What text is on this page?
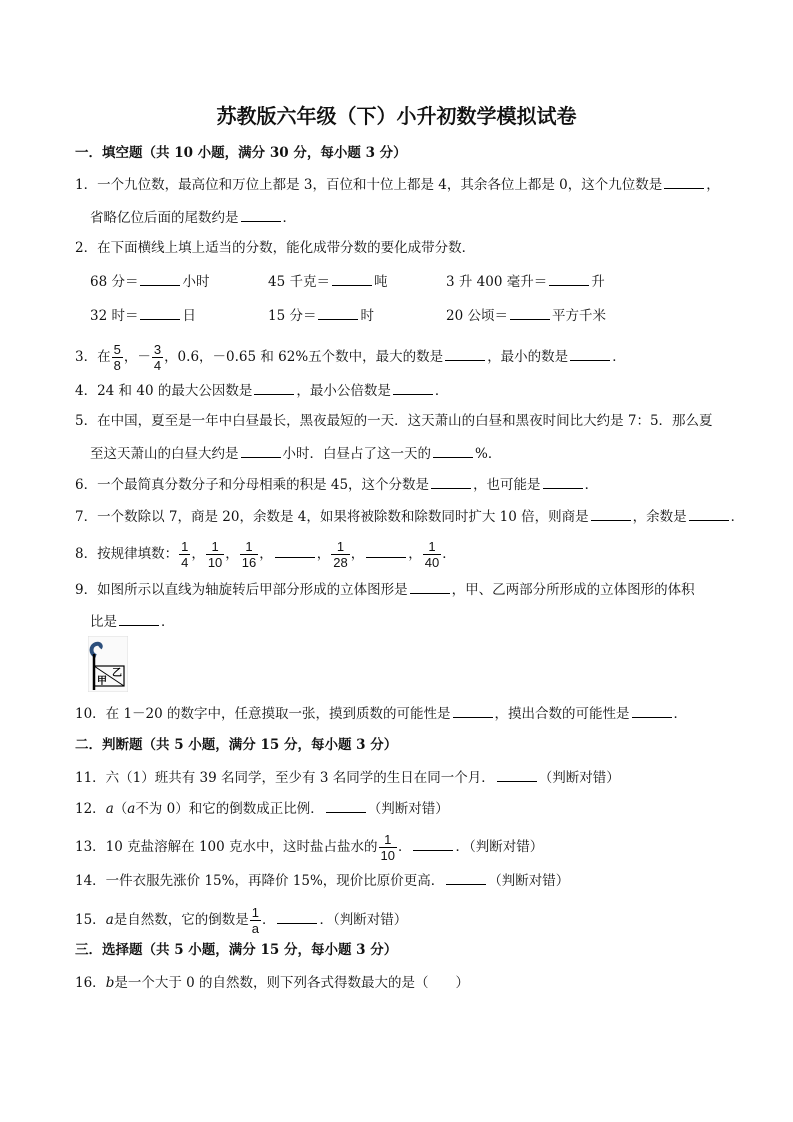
苏教版六年级（下）小升初数学模拟试卷
一．填空题（共 10 小题，满分 30 分，每小题 3 分）
1．一个九位数，最高位和万位上都是 3，百位和十位上都是 4，其余各位上都是 0，这个九位数是	，
省略亿位后面的尾数约是	．
2．在下面横线上填上适当的分数，能化成带分数的要化成带分数．
68 分＝	小时	45 千克＝	吨	3 升 400 毫升＝	升
32 时＝	日	15 分＝	时	20 公顷＝	平方千米
3．在 $\frac{5}{8}$ ，－ $\frac{3}{4}$ ，0.6，－0.65 和 62%五个数中，最大的数是	，最小的数是	．
4．24 和 40 的最大公因数是	，最小公倍数是	．
5．在中国，夏至是一年中白昼最长，黑夜最短的一天．这天萧山的白昼和黑夜时间比大约是 7：5．那么夏
至这天萧山的白昼大约是	小时．白昼占了这一天的	%．
6．一个最简真分数分子和分母相乘的积是 45，这个分数是	，也可能是	．
7．一个数除以 7，商是 20，余数是 4，如果将被除数和除数同时扩大 10 倍，则商是	，余数是	．
8．按规律填数： $\frac{1}{4}$ ， $\frac{1}{10}$ ， $\frac{1}{16}$ ，	， $\frac{1}{28}$ ，	， $\frac{1}{40}$ ．
9．如图所示以直线为轴旋转后甲部分形成的立体图形是	，甲、乙两部分所形成的立体图形的体积
比是	．
10．在 1－20 的数字中，任意摸取一张，摸到质数的可能性是	，摸出合数的可能性是	．
二．判断题（共 5 小题，满分 15 分，每小题 3 分）
11．六（1）班共有 39 名同学，至少有 3 名同学的生日在同一个月．	（判断对错）
12．a（a不为 0）和它的倒数成正比例．	（判断对错）
13．10 克盐溶解在 100 克水中，这时盐占盐水的 $\frac{1}{10}$ ．	．（判断对错）
14．一件衣服先涨价 15%，再降价 15%，现价比原价更高．	（判断对错）
15．a是自然数，它的倒数是 $\frac{1}{a}$ ．	．（判断对错）
三．选择题（共 5 小题，满分 15 分，每小题 3 分）
16．b是一个大于 0 的自然数，则下列各式得数最大的是（　　）
甲
乙
